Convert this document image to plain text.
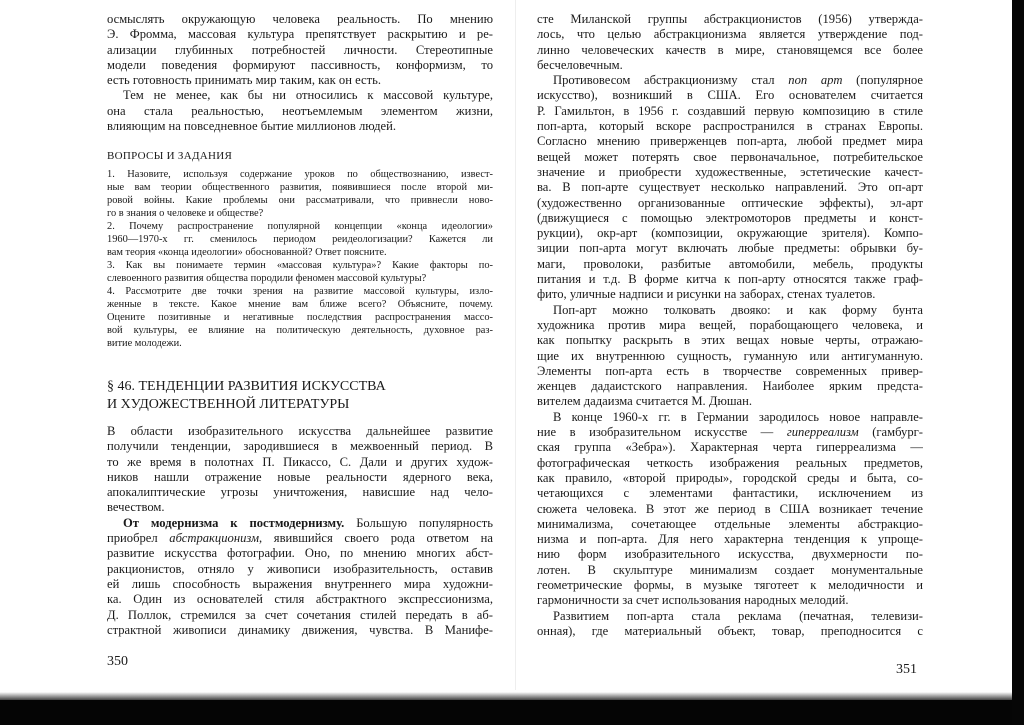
осмыслять окружающую человека реальность. По мнению
Э. Фромма, массовая культура препятствует раскрытию и ре-
ализации глубинных потребностей личности. Стереотипные
модели поведения формируют пассивность, конформизм, то
есть готовность принимать мир таким, как он есть.
Тем не менее, как бы ни относились к массовой культуре,
она стала реальностью, неотъемлемым элементом жизни,
влияющим на повседневное бытие миллионов людей.
ВОПРОСЫ И ЗАДАНИЯ
1. Назовите, используя содержание уроков по обществознанию, извест-
ные вам теории общественного развития, появившиеся после второй ми-
ровой войны. Какие проблемы они рассматривали, что привнесли ново-
го в знания о человеке и обществе?
2. Почему распространение популярной концепции «конца идеологии»
1960—1970-х гг. сменилось периодом реидеологизации? Кажется ли
вам теория «конца идеологии» обоснованной? Ответ поясните.
3. Как вы понимаете термин «массовая культура»? Какие факторы по-
слевоенного развития общества породили феномен массовой культуры?
4. Рассмотрите две точки зрения на развитие массовой культуры, изло-
женные в тексте. Какое мнение вам ближе всего? Объясните, почему.
Оцените позитивные и негативные последствия распространения массо-
вой культуры, ее влияние на политическую деятельность, духовное раз-
витие молодежи.
§ 46. ТЕНДЕНЦИИ РАЗВИТИЯ ИСКУССТВА
И ХУДОЖЕСТВЕННОЙ ЛИТЕРАТУРЫ
В области изобразительного искусства дальнейшее развитие
получили тенденции, зародившиеся в межвоенный период. В
то же время в полотнах П. Пикассо, С. Дали и других худож-
ников нашли отражение новые реальности ядерного века,
апокалиптические угрозы уничтожения, нависшие над чело-
вечеством.
От модернизма к постмодернизму. Большую популярность
приобрел абстракционизм, явившийся своего рода ответом на
развитие искусства фотографии. Оно, по мнению многих абст-
ракционистов, отняло у живописи изобразительность, оставив
ей лишь способность выражения внутреннего мира художни-
ка. Один из основателей стиля абстрактного экспрессионизма,
Д. Поллок, стремился за счет сочетания стилей передать в аб-
страктной живописи динамику движения, чувства. В Манифе-
350
сте Миланской группы абстракционистов (1956) утвержда-
лось, что целью абстракционизма является утверждение под-
линно человеческих качеств в мире, становящемся все более
бесчеловечным.
Противовесом абстракционизму стал поп арт (популярное
искусство), возникший в США. Его основателем считается
Р. Гамильтон, в 1956 г. создавший первую композицию в стиле
поп-арта, который вскоре распространился в странах Европы.
Согласно мнению приверженцев поп-арта, любой предмет мира
вещей может потерять свое первоначальное, потребительское
значение и приобрести художественные, эстетические качест-
ва. В поп-арте существует несколько направлений. Это оп-арт
(художественно организованные оптические эффекты), эл-арт
(движущиеся с помощью электромоторов предметы и конст-
рукции), окр-арт (композиции, окружающие зрителя). Компо-
зиции поп-арта могут включать любые предметы: обрывки бу-
маги, проволоки, разбитые автомобили, мебель, продукты
питания и т.д. В форме китча к поп-арту относятся также граф-
фито, уличные надписи и рисунки на заборах, стенах туалетов.
Поп-арт можно толковать двояко: и как форму бунта
художника против мира вещей, порабощающего человека, и
как попытку раскрыть в этих вещах новые черты, отражаю-
щие их внутреннюю сущность, гуманную или антигуманную.
Элементы поп-арта есть в творчестве современных привер-
женцев дадаистского направления. Наиболее ярким предста-
вителем дадаизма считается М. Дюшан.
В конце 1960-х гг. в Германии зародилось новое направле-
ние в изобразительном искусстве — гиперреализм (гамбург-
ская группа «Зебра»). Характерная черта гиперреализма —
фотографическая четкость изображения реальных предметов,
как правило, «второй природы», городской среды и быта, со-
четающихся с элементами фантастики, исключением из
сюжета человека. В этот же период в США возникает течение
минимализма, сочетающее отдельные элементы абстракцио-
низма и поп-арта. Для него характерна тенденция к упроще-
нию форм изобразительного искусства, двухмерности по-
лотен. В скульптуре минимализм создает монументальные
геометрические формы, в музыке тяготеет к мелодичности и
гармоничности за счет использования народных мелодий.
Развитием поп-арта стала реклама (печатная, телевизи-
онная), где материальный объект, товар, преподносится с
351
